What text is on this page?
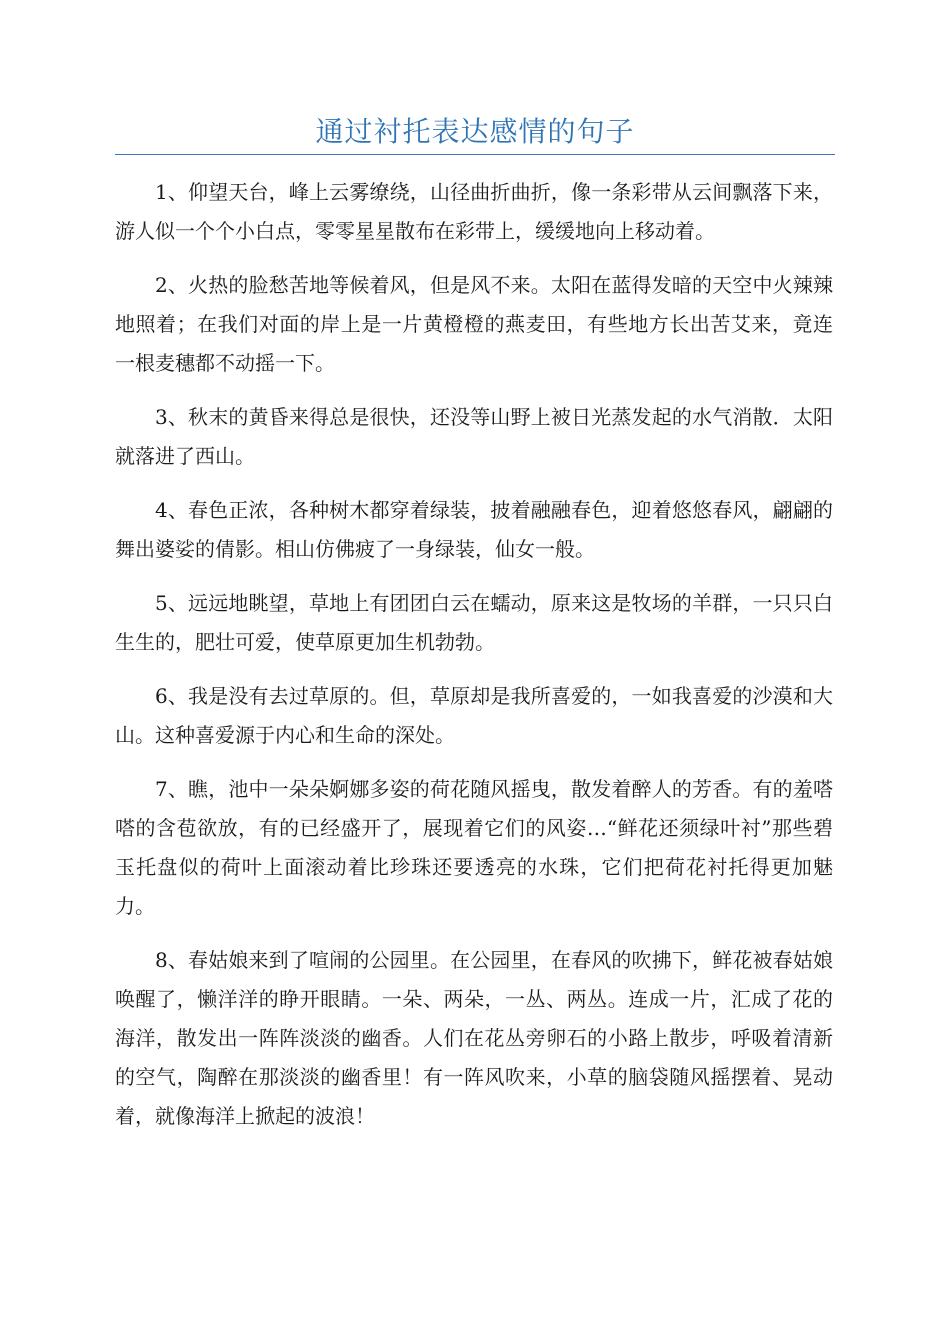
通过衬托表达感情的句子

1、仰望天台，峰上云雾缭绕，山径曲折曲折，像一条彩带从云间飘落下来，游人似一个个小白点，零零星星散布在彩带上，缓缓地向上移动着。

2、火热的脸愁苦地等候着风，但是风不来。太阳在蓝得发暗的天空中火辣辣地照着；在我们对面的岸上是一片黄橙橙的燕麦田，有些地方长出苦艾来，竟连一根麦穗都不动摇一下。

3、秋末的黄昏来得总是很快，还没等山野上被日光蒸发起的水气消散．太阳就落进了西山。

4、春色正浓，各种树木都穿着绿装，披着融融春色，迎着悠悠春风，翩翩的舞出婆娑的倩影。相山仿佛疲了一身绿装，仙女一般。

5、远远地眺望，草地上有团团白云在蠕动，原来这是牧场的羊群，一只只白生生的，肥壮可爱，使草原更加生机勃勃。

6、我是没有去过草原的。但，草原却是我所喜爱的，一如我喜爱的沙漠和大山。这种喜爱源于内心和生命的深处。

7、瞧，池中一朵朵婀娜多姿的荷花随风摇曳，散发着醉人的芳香。有的羞嗒嗒的含苞欲放，有的已经盛开了，展现着它们的风姿…“鲜花还须绿叶衬”那些碧玉托盘似的荷叶上面滚动着比珍珠还要透亮的水珠，它们把荷花衬托得更加魅力。

8、春姑娘来到了喧闹的公园里。在公园里，在春风的吹拂下，鲜花被春姑娘唤醒了，懒洋洋的睁开眼睛。一朵、两朵，一丛、两丛。连成一片，汇成了花的海洋，散发出一阵阵淡淡的幽香。人们在花丛旁卵石的小路上散步，呼吸着清新的空气，陶醉在那淡淡的幽香里！有一阵风吹来，小草的脑袋随风摇摆着、晃动着，就像海洋上掀起的波浪！
